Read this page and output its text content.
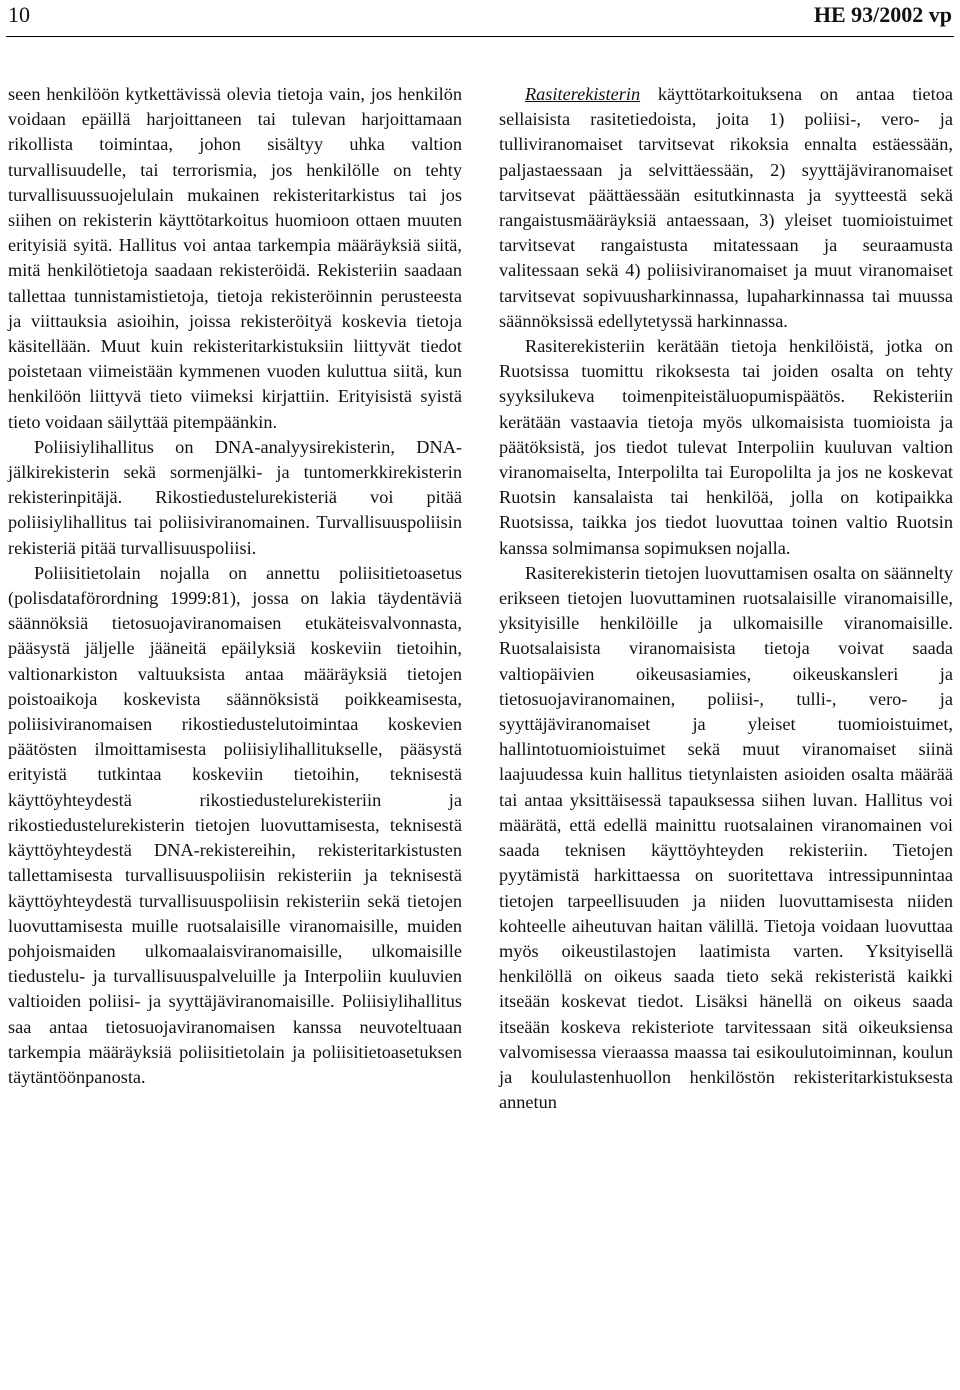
10	HE 93/2002 vp

seen henkilöön kytkettävissä olevia tietoja vain, jos henkilön voidaan epäillä harjoittaneen tai tulevan harjoittamaan rikollista toimintaa, johon sisältyy uhka valtion turvallisuudelle, tai terrorismia, jos henkilölle on tehty turvallisuussuojelulain mukainen rekisteritarkistus tai jos siihen on rekisterin käyttötarkoitus huomioon ottaen muuten erityisiä syitä. Hallitus voi antaa tarkempia määräyksiä siitä, mitä henkilötietoja saadaan rekisteröidä. Rekisteriin saadaan tallettaa tunnistamistietoja, tietoja rekisteröinnin perusteesta ja viittauksia asioihin, joissa rekisteröityä koskevia tietoja käsitellään. Muut kuin rekisteritarkistuksiin liittyvät tiedot poistetaan viimeistään kymmenen vuoden kuluttua siitä, kun henkilöön liittyvä tieto viimeksi kirjattiin. Erityisistä syistä tieto voidaan säilyttää pitempäänkin.

Poliisiylihallitus on DNA-analyysirekisterin, DNA-jälkirekisterin sekä sormenjälki- ja tuntomerkkirekisterin rekisterinpitäjä. Rikostiedustelurekisteriä voi pitää poliisiylihallitus tai poliisiviranomainen. Turvallisuuspoliisin rekisteriä pitää turvallisuuspoliisi.

Poliisitietolain nojalla on annettu poliisitietoasetus (polisdataförordning 1999:81), jossa on lakia täydentäviä säännöksiä tietosuojaviranomaisen etukäteisvalvonnasta, pääsystä jäljelle jääneitä epäilyksiä koskeviin tietoihin, valtionarkiston valtuuksista antaa määräyksiä tietojen poistoaikoja koskevista säännöksistä poikkeamisesta, poliisiviranomaisen rikostiedustelutoimintaa koskevien päätösten ilmoittamisesta poliisiylihallitukselle, pääsystä erityistä tutkintaa koskeviin tietoihin, teknisestä käyttöyhteydestä rikostiedustelurekisteriin ja rikostiedustelurekisterin tietojen luovuttamisesta, teknisestä käyttöyhteydestä DNA-rekistereihin, rekisteritarkistusten tallettamisesta turvallisuuspoliisin rekisteriin ja teknisestä käyttöyhteydestä turvallisuuspoliisin rekisteriin sekä tietojen luovuttamisesta muille ruotsalaisille viranomaisille, muiden pohjoismaiden ulkomaalaisviranomaisille, ulkomaisille tiedustelu- ja turvallisuuspalveluille ja Interpoliin kuuluvien valtioiden poliisi- ja syyttäjäviranomaisille. Poliisiylihallitus saa antaa tietosuojaviranomaisen kanssa neuvoteltuaan tarkempia määräyksiä poliisitietolain ja poliisitietoasetuksen täytäntöönpanosta.

Rasiterekisterin käyttötarkoituksena on antaa tietoa sellaisista rasitetiedoista, joita 1) poliisi-, vero- ja tulliviranomaiset tarvitsevat rikoksia ennalta estäessään, paljastaessaan ja selvittäessään, 2) syyttäjäviranomaiset tarvitsevat päättäessään esitutkinnasta ja syytteestä sekä rangaistusmääräyksiä antaessaan, 3) yleiset tuomioistuimet tarvitsevat rangaistusta mitatessaan ja seuraamusta valitessaan sekä 4) poliisiviranomaiset ja muut viranomaiset tarvitsevat sopivuusharkinnassa, lupaharkinnassa tai muussa säännöksissä edellytetyssä harkinnassa.

Rasiterekisteriin kerätään tietoja henkilöistä, jotka on Ruotsissa tuomittu rikoksesta tai joiden osalta on tehty syyksilukeva toimenpiteistäluopumispäätös. Rekisteriin kerätään vastaavia tietoja myös ulkomaisista tuomioista ja päätöksistä, jos tiedot tulevat Interpoliin kuuluvan valtion viranomaiselta, Interpolilta tai Europolilta ja jos ne koskevat Ruotsin kansalaista tai henkilöä, jolla on kotipaikka Ruotsissa, taikka jos tiedot luovuttaa toinen valtio Ruotsin kanssa solmimansa sopimuksen nojalla.

Rasiterekisterin tietojen luovuttamisen osalta on säännelty erikseen tietojen luovuttaminen ruotsalaisille viranomaisille, yksityisille henkilöille ja ulkomaisille viranomaisille. Ruotsalaisista viranomaisista tietoja voivat saada valtiopäivien oikeusasiamies, oikeuskansleri ja tietosuojaviranomainen, poliisi-, tulli-, vero- ja syyttäjäviranomaiset ja yleiset tuomioistuimet, hallintotuomioistuimet sekä muut viranomaiset siinä laajuudessa kuin hallitus tietynlaisten asioiden osalta määrää tai antaa yksittäisessä tapauksessa siihen luvan. Hallitus voi määrätä, että edellä mainittu ruotsalainen viranomainen voi saada teknisen käyttöyhteyden rekisteriin. Tietojen pyytämistä harkittaessa on suoritettava intressipunnintaa tietojen tarpeellisuuden ja niiden luovuttamisesta niiden kohteelle aiheutuvan haitan välillä. Tietoja voidaan luovuttaa myös oikeustilastojen laatimista varten. Yksityisellä henkilöllä on oikeus saada tieto sekä rekisteristä kaikki itseään koskevat tiedot. Lisäksi hänellä on oikeus saada itseään koskeva rekisteriote tarvitessaan sitä oikeuksiensa valvomisessa vieraassa maassa tai esikoulutoiminnan, koulun ja koululastenhuollon henkilöstön rekisteritarkistuksesta annetun
